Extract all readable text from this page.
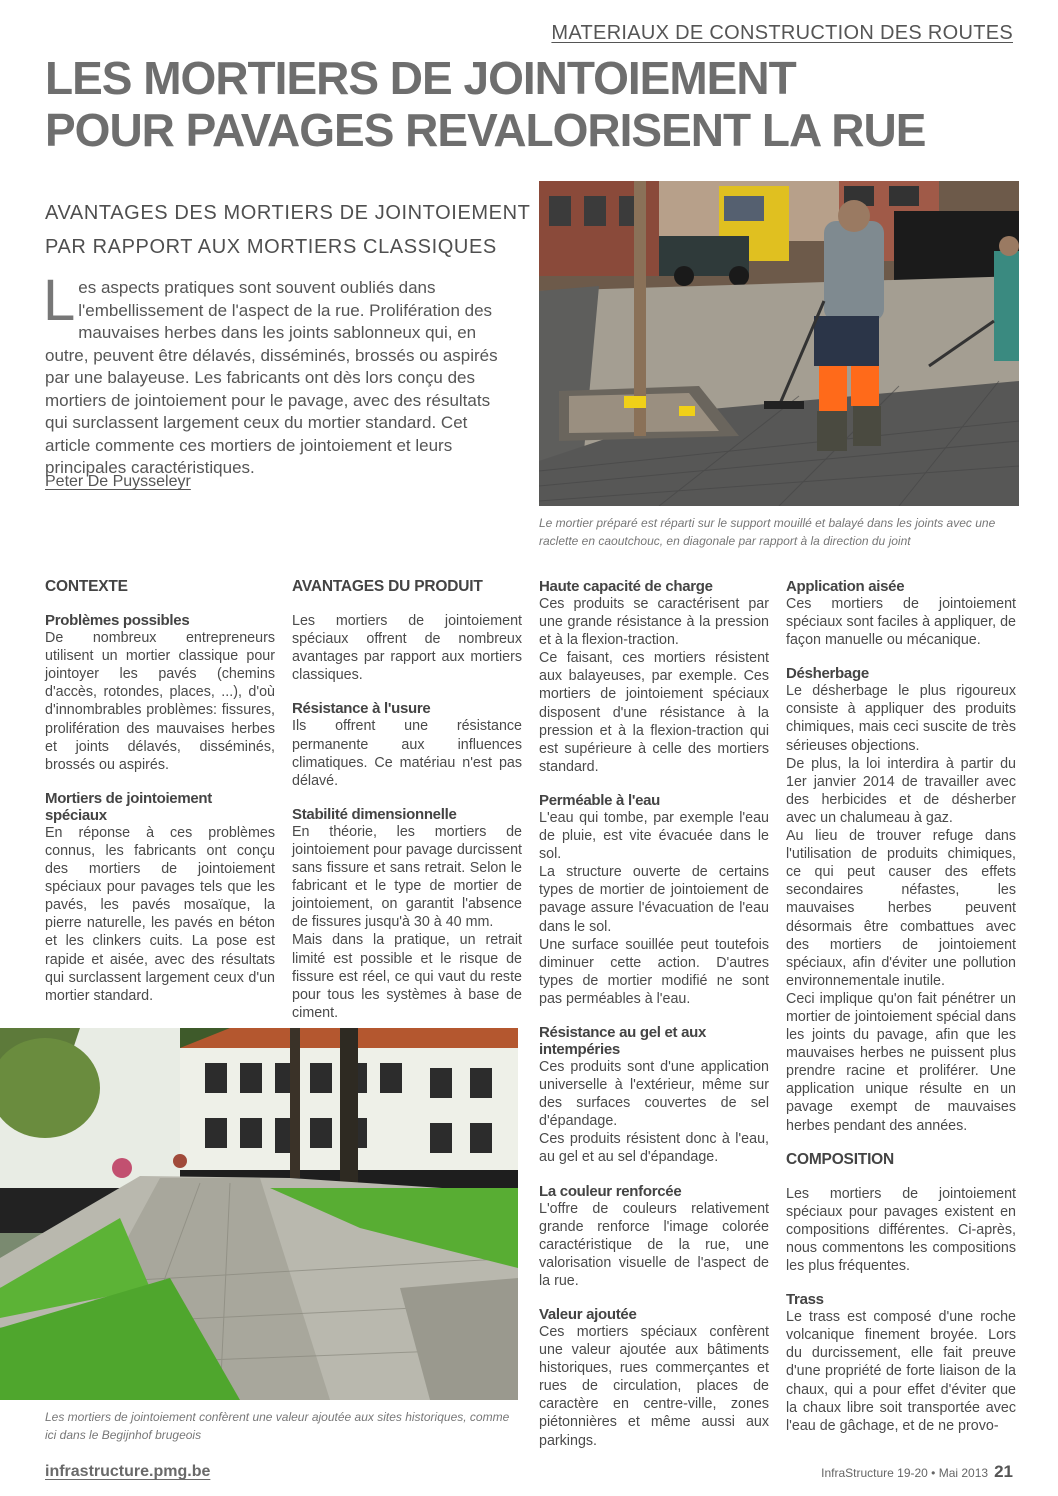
MATERIAUX DE CONSTRUCTION DES ROUTES
LES MORTIERS DE JOINTOIEMENT
POUR PAVAGES REVALORISENT LA RUE
AVANTAGES DES MORTIERS DE JOINTOIEMENT
PAR RAPPORT AUX MORTIERS CLASSIQUES
Les aspects pratiques sont souvent oubliés dans l'embellissement de l'aspect de la rue. Prolifération des mauvaises herbes dans les joints sablonneux qui, en outre, peuvent être délavés, disséminés, brossés ou aspirés par une balayeuse. Les fabricants ont dès lors conçu des mortiers de jointoiement pour le pavage, avec des résultats qui surclassent largement ceux du mortier standard. Cet article commente ces mortiers de jointoiement et leurs principales caractéristiques.
Peter De Puysseleyr
Le mortier préparé est réparti sur le support mouillé et balayé dans les joints avec une raclette en caoutchouc, en diagonale par rapport à la direction du joint
CONTEXTE
Problèmes possibles

De nombreux entrepreneurs utilisent un mortier classique pour jointoyer les pavés (chemins d'accès, rotondes, places, ...), d'où d'innombrables problèmes: fissures, prolifération des mauvaises herbes et joints délavés, disséminés, brossés ou aspirés.

Mortiers de jointoiement spéciaux

En réponse à ces problèmes connus, les fabricants ont conçu des mortiers de jointoiement spéciaux pour pavages tels que les pavés, les pavés mosaïque, la pierre naturelle, les pavés en béton et les clinkers cuits. La pose est rapide et aisée, avec des résultats qui surclassent largement ceux d'un mortier standard.

AVANTAGES DU PRODUIT

Les mortiers de jointoiement spéciaux offrent de nombreux avantages par rapport aux mortiers classiques.

Résistance à l'usure

Ils offrent une résistance permanente aux influences climatiques. Ce matériau n'est pas délavé.

Stabilité dimensionnelle

En théorie, les mortiers de jointoiement pour pavage durcissent sans fissure et sans retrait. Selon le fabricant et le type de mortier de jointoiement, on garantit l'absence de fissures jusqu'à 30 à 40 mm.

Mais dans la pratique, un retrait limité est possible et le risque de fissure est réel, ce qui vaut du reste pour tous les systèmes à base de ciment.

Les mortiers de jointoiement confèrent une valeur ajoutée aux sites historiques, comme ici dans le Begijnhof brugeois
Haute capacité de charge

Ces produits se caractérisent par une grande résistance à la pression et à la flexion-traction.

Ce faisant, ces mortiers résistent aux balayeuses, par exemple. Ces mortiers de jointoiement spéciaux disposent d'une résistance à la pression et à la flexion-traction qui est supérieure à celle des mortiers standard.

Perméable à l'eau

L'eau qui tombe, par exemple l'eau de pluie, est vite évacuée dans le sol.

La structure ouverte de certains types de mortier de jointoiement de pavage assure l'évacuation de l'eau dans le sol.

Une surface souillée peut toutefois diminuer cette action. D'autres types de mortier modifié ne sont pas perméables à l'eau.

Résistance au gel et aux intempéries

Ces produits sont d'une application universelle à l'extérieur, même sur des surfaces couvertes de sel d'épandage.

Ces produits résistent donc à l'eau, au gel et au sel d'épandage.

La couleur renforcée

L'offre de couleurs relativement grande renforce l'image colorée caractéristique de la rue, une valorisation visuelle de l'aspect de la rue.

Valeur ajoutée

Ces mortiers spéciaux confèrent une valeur ajoutée aux bâtiments historiques, rues commerçantes et rues de circulation, places de caractère en centre-ville, zones piétonnières et même aussi aux parkings.

Application aisée

Ces mortiers de jointoiement spéciaux sont faciles à appliquer, de façon manuelle ou mécanique.

Désherbage

Le désherbage le plus rigoureux consiste à appliquer des produits chimiques, mais ceci suscite de très sérieuses objections.

De plus, la loi interdira à partir du 1er janvier 2014 de travailler avec des herbicides et de désherber avec un chalumeau à gaz.

Au lieu de trouver refuge dans l'utilisation de produits chimiques, ce qui peut causer des effets secondaires néfastes, les mauvaises herbes peuvent désormais être combattues avec des mortiers de jointoiement spéciaux, afin d'éviter une pollution environnementale inutile.

Ceci implique qu'on fait pénétrer un mortier de jointoiement spécial dans les joints du pavage, afin que les mauvaises herbes ne puissent plus prendre racine et proliférer. Une application unique résulte en un pavage exempt de mauvaises herbes pendant des années.

COMPOSITION

Les mortiers de jointoiement spéciaux pour pavages existent en compositions différentes. Ci-après, nous commentons les compositions les plus fréquentes.

Trass

Le trass est composé d'une roche volcanique finement broyée. Lors du durcissement, elle fait preuve d'une propriété de forte liaison de la chaux, qui a pour effet d'éviter que la chaux libre soit transportée avec l'eau de gâchage, et de ne provo-

infrastructure.pmg.be	InfraStructure 19-20 • Mai 2013 21
